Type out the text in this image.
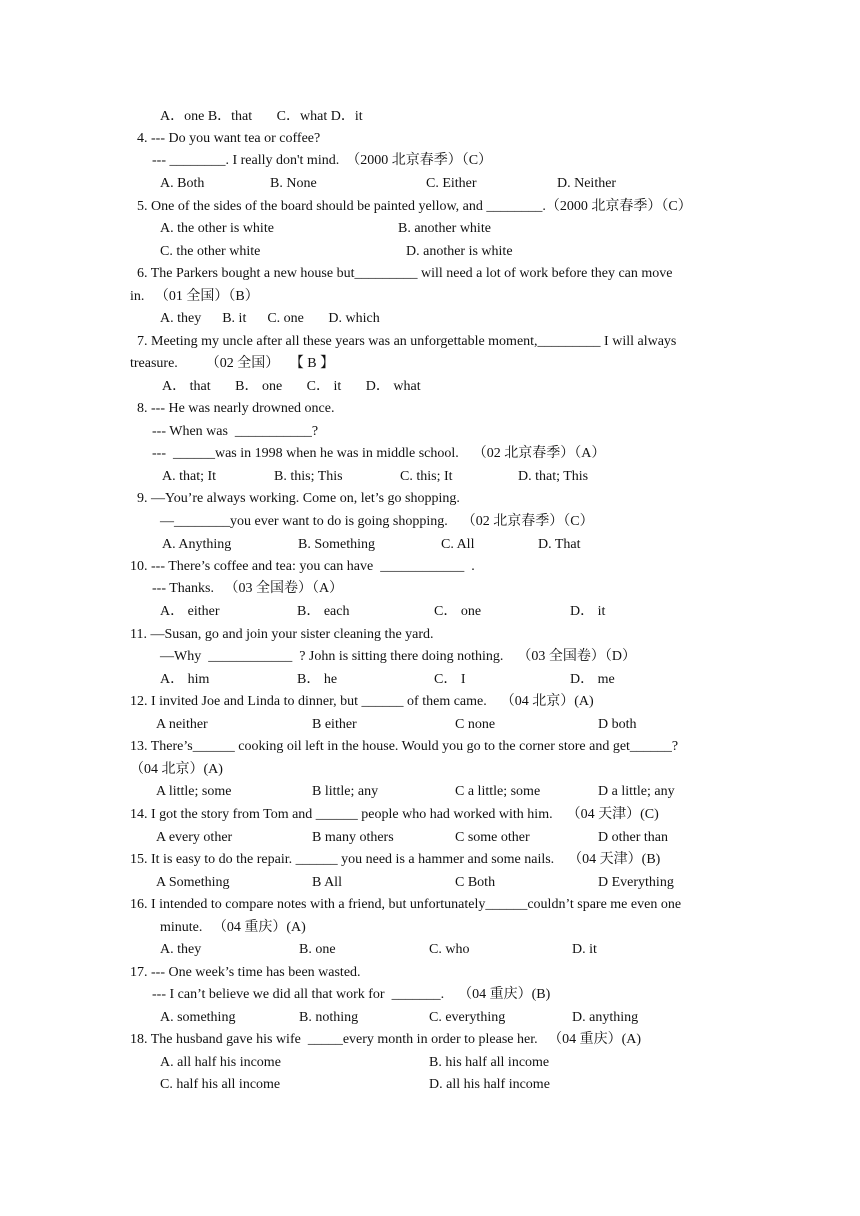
A．one B．that       C．what D．it
4. --- Do you want tea or coffee?
--- ________. I really don't mind.  （2000 北京春季）（C）
A. Both	B. None	C. Either	D. Neither
5. One of the sides of the board should be painted yellow, and ________.（2000 北京春季）（C）
A. the other is white	B. another white
C. the other white	D. another is white
6. The Parkers bought a new house but_________ will need a lot of work before they can move
in.   （01 全国）（B）
A. they      B. it      C. one       D. which
7. Meeting my uncle after all these years was an unforgettable moment,_________ I will always
treasure.        （02 全国）   【 B 】
A． that       B． one       C． it       D． what
8. --- He was nearly drowned once.
--- When was  ___________?
---  ______was in 1998 when he was in middle school.    （02 北京春季）（A）
A. that; It	B. this; This	C. this; It	D. that; This
9. —You’re always working. Come on, let’s go shopping.
—________you ever want to do is going shopping.    （02 北京春季）（C）
A. Anything	B. Something	C. All	D. That
10. --- There’s coffee and tea: you can have  ____________  .
--- Thanks.   （03 全国卷）（A）
A． either	B． each	C． one	D． it
11. —Susan, go and join your sister cleaning the yard.
—Why  ____________  ? John is sitting there doing nothing.    （03 全国卷）（D）
A． him	B． he	C． I	D． me
12. I invited Joe and Linda to dinner, but ______ of them came.    （04 北京）(A)
A neither	B either	C none	D both
13. There’s______ cooking oil left in the house. Would you go to the corner store and get______?
（04 北京）(A)
A little; some	B little; any	C a little; some	D a little; any
14. I got the story from Tom and ______ people who had worked with him.    （04 天津）(C)
A every other	B many others	C some other	D other than
15. It is easy to do the repair. ______ you need is a hammer and some nails.    （04 天津）(B)
A Something	B All	C Both	D Everything
16. I intended to compare notes with a friend, but unfortunately______couldn’t spare me even one
minute.   （04 重庆）(A)
A. they	B. one	C. who	D. it
17. --- One week’s time has been wasted.
--- I can’t believe we did all that work for  _______.    （04 重庆）(B)
A. something	B. nothing	C. everything	D. anything
18. The husband gave his wife  _____every month in order to please her.   （04 重庆）(A)
A. all half his income	B. his half all income
C. half his all income	D. all his half income
